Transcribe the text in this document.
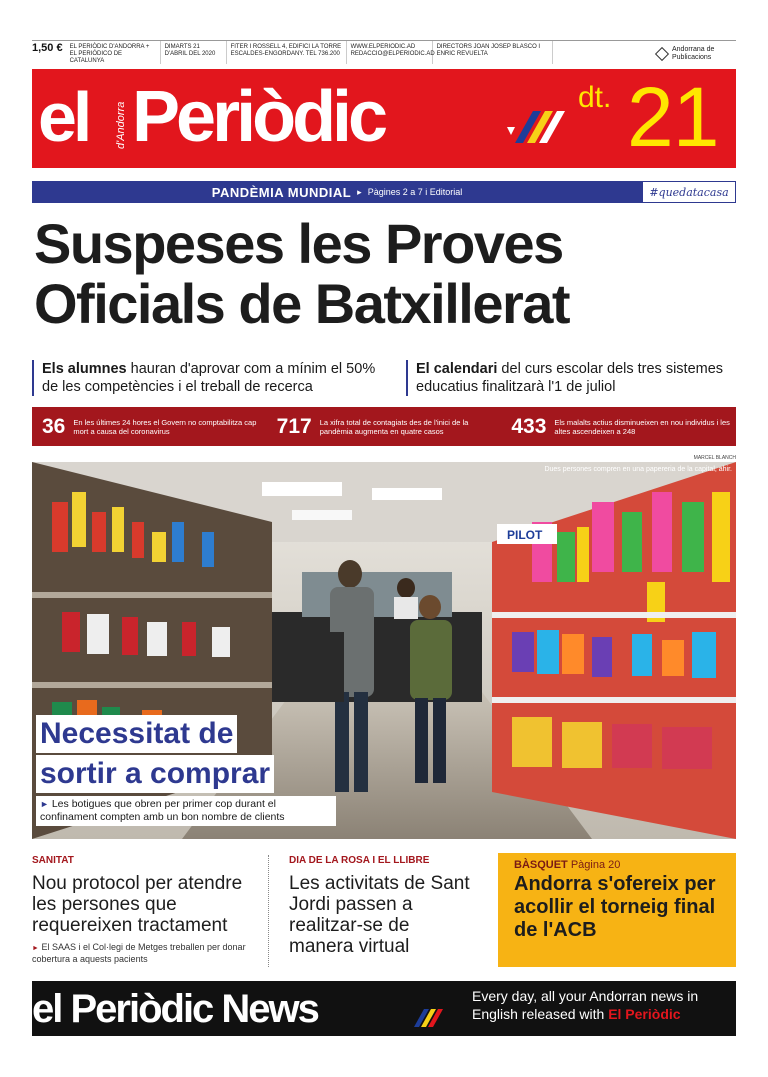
1,50 €	EL PERIÒDIC D'ANDORRA + EL PERIÓDICO DE CATALUNYA
DIMARTS 21 D'ABRIL DEL 2020
FITER I ROSSELL 4, EDIFICI LA TORRE ESCALDES-ENGORDANY. TEL 736.200
WWW.ELPERIODIC.AD REDACCIO@ELPERIODIC.AD
DIRECTORS JOAN JOSEP BLASCO I ENRIC REVUELTA
Andorrana de Publicacions
el d'Andorra Periòdic	dt. 21
PANDÈMIA MUNDIAL ▸ Pàgines 2 a 7 i Editorial	#quedatacasa
Suspeses les Proves Oficials de Batxillerat
Els alumnes hauran d'aprovar com a mínim el 50% de les competències i el treball de recerca
El calendari del curs escolar dels tres sistemes educatius finalitzarà l'1 de juliol
36 En les últimes 24 hores el Govern no comptabilitza cap mort a causa del coronavirus	717 La xifra total de contagiats des de l'inici de la pandèmia augmenta en quatre casos	433 Els malalts actius disminueixen en nou individus i les altes ascendeixen a 248
MARCEL BLANCH
PILOT
Dues persones compren en una papereria de la capital, ahir.
Necessitat de
sortir a comprar
► Les botigues que obren per primer cop durant el confinament compten amb un bon nombre de clients
SANITAT
Nou protocol per atendre les persones que requereixen tractament
► El SAAS i el Col·legi de Metges treballen per donar cobertura a aquests pacients
DIA DE LA ROSA I EL LLIBRE
Les activitats de Sant Jordi passen a realitzar-se de manera virtual
BÀSQUET Pàgina 20
Andorra s'ofereix per acollir el torneig final de l'ACB
el Periòdic News	Every day, all your Andorran news in English released with El Periòdic
